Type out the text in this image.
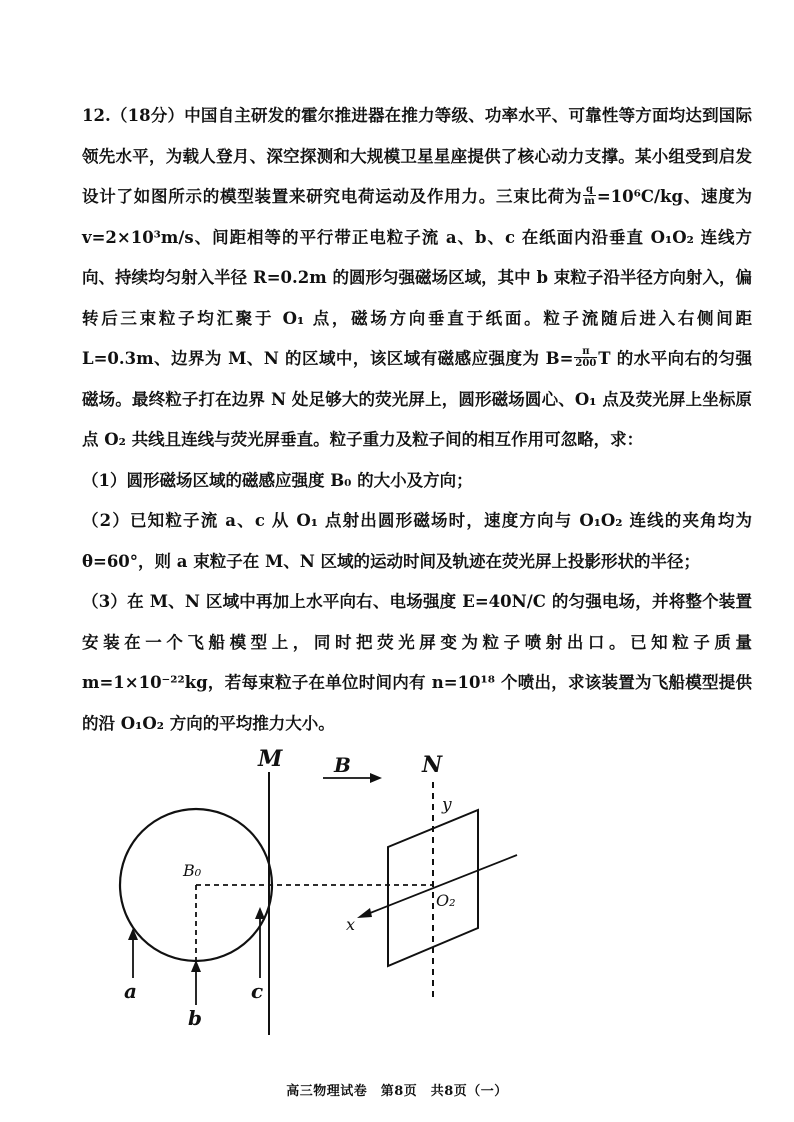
12.（18分）中国自主研发的霍尔推进器在推力等级、功率水平、可靠性等方面均达到国际领先水平，为载人登月、深空探测和大规模卫星星座提供了核心动力支撑。某小组受到启发设计了如图所示的模型装置来研究电荷运动及作用力。三束比荷为 $\frac{q}{m} =10^6C/kg$、速度为v=2×10³m/s、间距相等的平行带正电粒子流 a、b、c 在纸面内沿垂直 O₁O₂ 连线方向、持续均匀射入半径 R=0.2m 的圆形匀强磁场区域，其中 b 束粒子沿半径方向射入，偏转后三束粒子均汇聚于 O₁ 点，磁场方向垂直于纸面。粒子流随后进入右侧间距 L=0.3m、边界为 M、N 的区域中，该区域有磁感应强度为 $B= \frac{\pi}{200}$ T 的水平向右的匀强磁场。最终粒子打在边界 N 处足够大的荧光屏上，圆形磁场圆心、O₁ 点及荧光屏上坐标原点 O₂ 共线且连线与荧光屏垂直。粒子重力及粒子间的相互作用可忽略，求：

（1）圆形磁场区域的磁感应强度 B₀ 的大小及方向；

（2）已知粒子流 a、c 从 O₁ 点射出圆形磁场时，速度方向与 O₁O₂ 连线的夹角均为θ=60°，则 a 束粒子在 M、N 区域的运动时间及轨迹在荧光屏上投影形状的半径；

（3）在 M、N 区域中再加上水平向右、电场强度 E=40N/C 的匀强电场，并将整个装置安装在一个飞船模型上，同时把荧光屏变为粒子喷射出口。已知粒子质量 m=1×10⁻²²kg，若每束粒子在单位时间内有 n=10¹⁸ 个喷出，求该装置为飞船模型提供的沿 O₁O₂ 方向的平均推力大小。

M	N
B
B₀
O₂
x
y
a
b
c
高三物理试卷　第8页　共8页（一）
